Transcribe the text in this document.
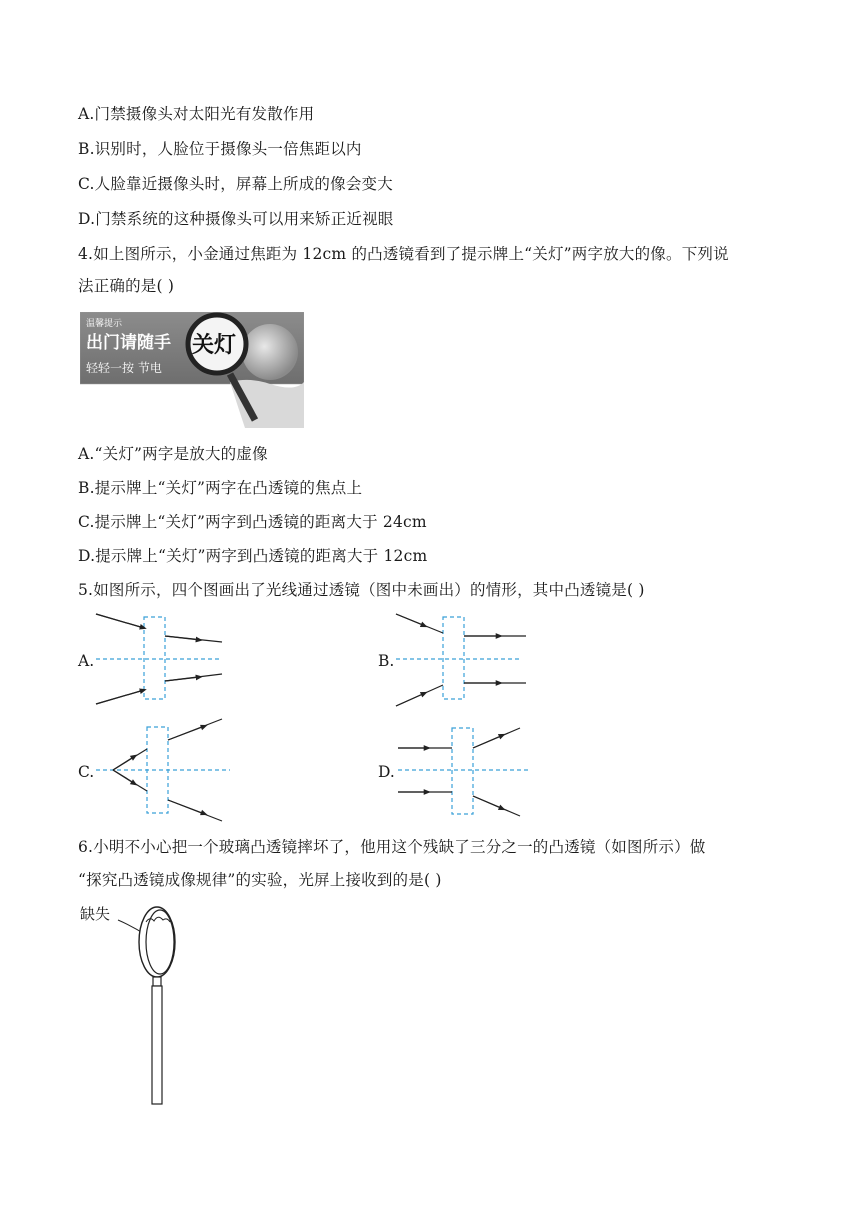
A.门禁摄像头对太阳光有发散作用
B.识别时，人脸位于摄像头一倍焦距以内
C.人脸靠近摄像头时，屏幕上所成的像会变大
D.门禁系统的这种摄像头可以用来矫正近视眼
4.如上图所示，小金通过焦距为 12cm 的凸透镜看到了提示牌上“关灯”两字放大的像。下列说
法正确的是( )
温馨提示
出门请随手 关灯
轻轻一按 节电
A.“关灯”两字是放大的虚像
B.提示牌上“关灯”两字在凸透镜的焦点上
C.提示牌上“关灯”两字到凸透镜的距离大于 24cm
D.提示牌上“关灯”两字到凸透镜的距离大于 12cm
5.如图所示，四个图画出了光线通过透镜（图中未画出）的情形，其中凸透镜是( )
A.	B.
C.	D.
6.小明不小心把一个玻璃凸透镜摔坏了，他用这个残缺了三分之一的凸透镜（如图所示）做
“探究凸透镜成像规律”的实验，光屏上接收到的是( )
缺失
